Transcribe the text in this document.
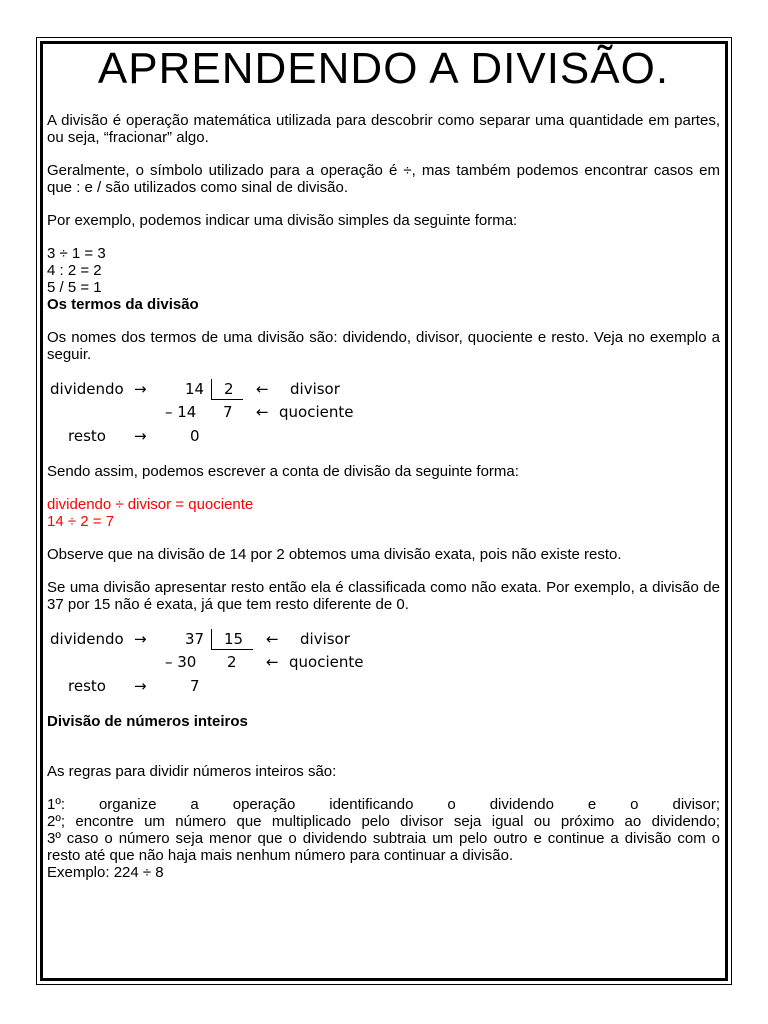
APRENDENDO A DIVISÃO.

A divisão é operação matemática utilizada para descobrir como separar uma quantidade em partes, ou seja, “fracionar” algo.

Geralmente, o símbolo utilizado para a operação é ÷, mas também podemos encontrar casos em que : e / são utilizados como sinal de divisão.

Por exemplo, podemos indicar uma divisão simples da seguinte forma:

3 ÷ 1 = 3

4 : 2 = 2

5 / 5 = 1

Os termos da divisão

Os nomes dos termos de uma divisão são: dividendo, divisor, quociente e resto. Veja no exemplo a seguir.

dividendo →	14 2 ← divisor
– 14 7 ← quociente
resto →	0

Sendo assim, podemos escrever a conta de divisão da seguinte forma:

dividendo ÷ divisor = quociente

14 ÷ 2 = 7

Observe que na divisão de 14 por 2 obtemos uma divisão exata, pois não existe resto.

Se uma divisão apresentar resto então ela é classificada como não exata. Por exemplo, a divisão de 37 por 15 não é exata, já que tem resto diferente de 0.

dividendo →	37 15 ← divisor
– 30 2 ← quociente
resto →	7

Divisão de números inteiros

As regras para dividir números inteiros são:

1º: organize a operação identificando o dividendo e o divisor;

2º; encontre um número que multiplicado pelo divisor seja igual ou próximo ao dividendo;

3º caso o número seja menor que o dividendo subtraia um pelo outro e continue a divisão com o resto até que não haja mais nenhum número para continuar a divisão.

Exemplo: 224 ÷ 8
